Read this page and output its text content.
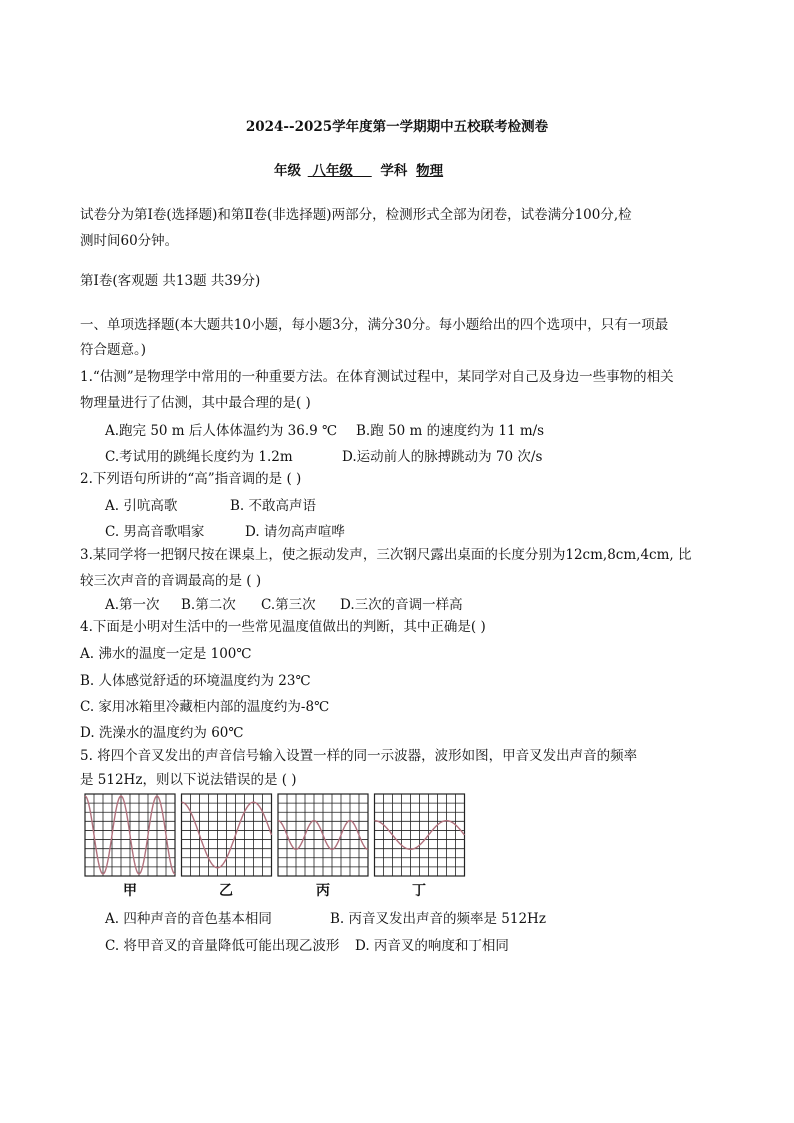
2024--2025学年度第一学期期中五校联考检测卷
年级 八年级 学科 物理
试卷分为第Ⅰ卷(选择题)和第Ⅱ卷(非选择题)两部分，检测形式全部为闭卷，试卷满分100分,检
测时间60分钟。
第Ⅰ卷(客观题 共13题 共39分)
一、单项选择题(本大题共10小题，每小题3分，满分30分。每小题给出的四个选项中，只有一项最
符合题意。)
1.“估测”是物理学中常用的一种重要方法。在体育测试过程中，某同学对自己及身边一些事物的相关
物理量进行了估测，其中最合理的是( )
A.跑完 50 m 后人体体温约为 36.9 ℃ B.跑 50 m 的速度约为 11 m/s
C.考试用的跳绳长度约为 1.2m	D.运动前人的脉搏跳动为 70 次/s
2.下列语句所讲的“高”指音调的是 ( )
A. 引吭高歌	B. 不敢高声语
C. 男高音歌唱家	D. 请勿高声喧哗
3.某同学将一把钢尺按在课桌上，使之振动发声，三次钢尺露出桌面的长度分别为12cm,8cm,4cm, 比
较三次声音的音调最高的是 ( )
A.第一次 B.第二次 C.第三次 D.三次的音调一样高
4.下面是小明对生活中的一些常见温度值做出的判断，其中正确是( )
A. 沸水的温度一定是 100℃
B. 人体感觉舒适的环境温度约为 23℃
C. 家用冰箱里冷藏柜内部的温度约为-8℃
D. 洗澡水的温度约为 60℃
5. 将四个音叉发出的声音信号输入设置一样的同一示波器，波形如图，甲音叉发出声音的频率
是 512Hz，则以下说法错误的是 ( )
甲	乙	丙	丁
A. 四种声音的音色基本相同	B. 丙音叉发出声音的频率是 512Hz
C. 将甲音叉的音量降低可能出现乙波形 D. 丙音叉的响度和丁相同
